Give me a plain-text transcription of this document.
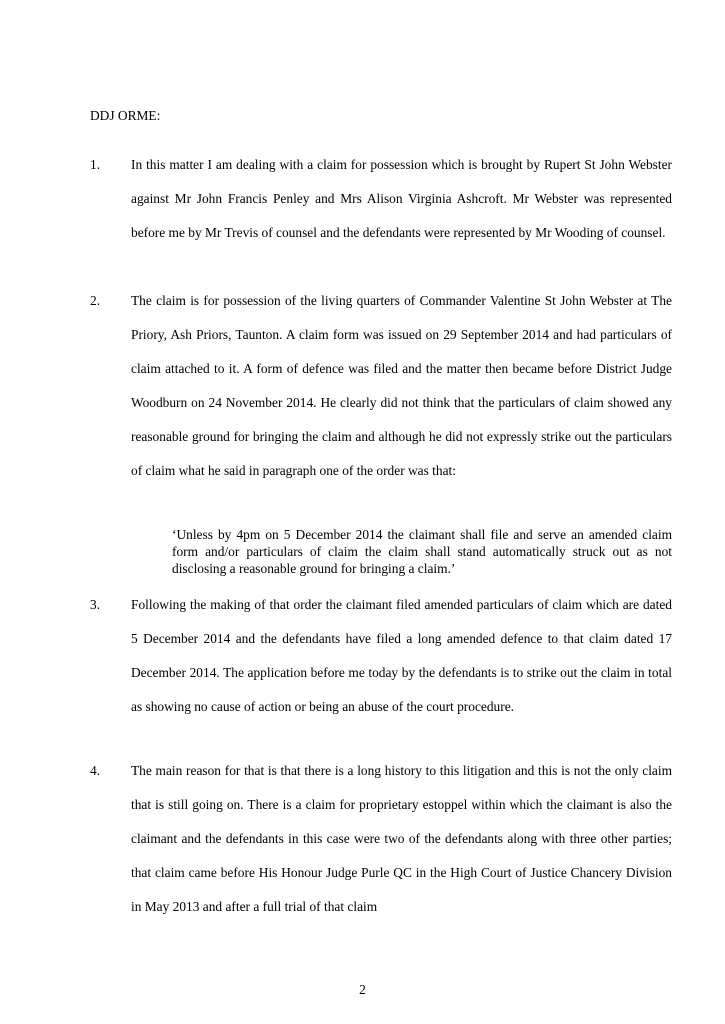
DDJ ORME:
1.	In this matter I am dealing with a claim for possession which is brought by Rupert St John Webster against Mr John Francis Penley and Mrs Alison Virginia Ashcroft. Mr Webster was represented before me by Mr Trevis of counsel and the defendants were represented by Mr Wooding of counsel.
2.	The claim is for possession of the living quarters of Commander Valentine St John Webster at The Priory, Ash Priors, Taunton. A claim form was issued on 29 September 2014 and had particulars of claim attached to it. A form of defence was filed and the matter then became before District Judge Woodburn on 24 November 2014. He clearly did not think that the particulars of claim showed any reasonable ground for bringing the claim and although he did not expressly strike out the particulars of claim what he said in paragraph one of the order was that:
‘Unless by 4pm on 5 December 2014 the claimant shall file and serve an amended claim form and/or particulars of claim the claim shall stand automatically struck out as not disclosing a reasonable ground for bringing a claim.’
3.	Following the making of that order the claimant filed amended particulars of claim which are dated 5 December 2014 and the defendants have filed a long amended defence to that claim dated 17 December 2014. The application before me today by the defendants is to strike out the claim in total as showing no cause of action or being an abuse of the court procedure.
4.	The main reason for that is that there is a long history to this litigation and this is not the only claim that is still going on. There is a claim for proprietary estoppel within which the claimant is also the claimant and the defendants in this case were two of the defendants along with three other parties; that claim came before His Honour Judge Purle QC in the High Court of Justice Chancery Division in May 2013 and after a full trial of that claim
2
